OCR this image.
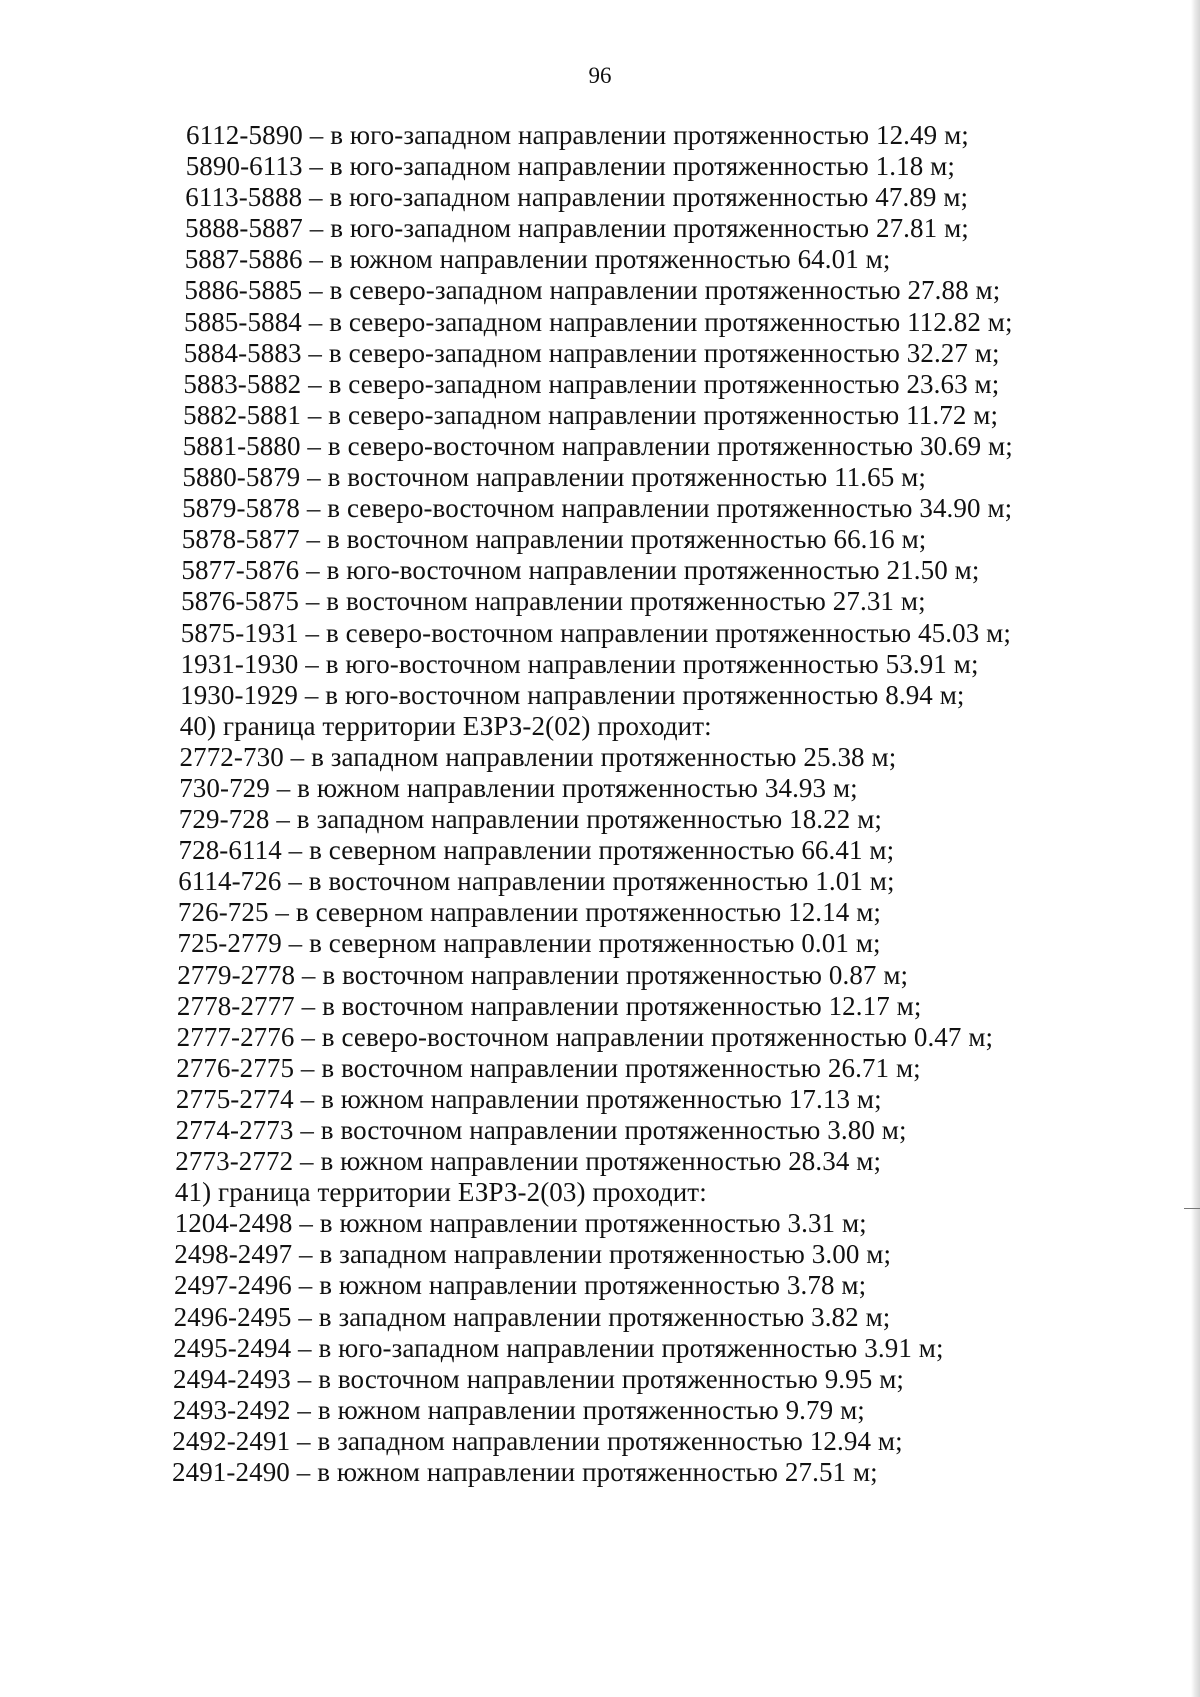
96
6112-5890 – в юго-западном направлении протяженностью 12.49 м;
5890-6113 – в юго-западном направлении протяженностью 1.18 м;
6113-5888 – в юго-западном направлении протяженностью 47.89 м;
5888-5887 – в юго-западном направлении протяженностью 27.81 м;
5887-5886 – в южном направлении протяженностью 64.01 м;
5886-5885 – в северо-западном направлении протяженностью 27.88 м;
5885-5884 – в северо-западном направлении протяженностью 112.82 м;
5884-5883 – в северо-западном направлении протяженностью 32.27 м;
5883-5882 – в северо-западном направлении протяженностью 23.63 м;
5882-5881 – в северо-западном направлении протяженностью 11.72 м;
5881-5880 – в северо-восточном направлении протяженностью 30.69 м;
5880-5879 – в восточном направлении протяженностью 11.65 м;
5879-5878 – в северо-восточном направлении протяженностью 34.90 м;
5878-5877 – в восточном направлении протяженностью 66.16 м;
5877-5876 – в юго-восточном направлении протяженностью 21.50 м;
5876-5875 – в восточном направлении протяженностью 27.31 м;
5875-1931 – в северо-восточном направлении протяженностью 45.03 м;
1931-1930 – в юго-восточном направлении протяженностью 53.91 м;
1930-1929 – в юго-восточном направлении протяженностью 8.94 м;
40) граница территории ЕЗРЗ-2(02) проходит:
2772-730 – в западном направлении протяженностью 25.38 м;
730-729 – в южном направлении протяженностью 34.93 м;
729-728 – в западном направлении протяженностью 18.22 м;
728-6114 – в северном направлении протяженностью 66.41 м;
6114-726 – в восточном направлении протяженностью 1.01 м;
726-725 – в северном направлении протяженностью 12.14 м;
725-2779 – в северном направлении протяженностью 0.01 м;
2779-2778 – в восточном направлении протяженностью 0.87 м;
2778-2777 – в восточном направлении протяженностью 12.17 м;
2777-2776 – в северо-восточном направлении протяженностью 0.47 м;
2776-2775 – в восточном направлении протяженностью 26.71 м;
2775-2774 – в южном направлении протяженностью 17.13 м;
2774-2773 – в восточном направлении протяженностью 3.80 м;
2773-2772 – в южном направлении протяженностью 28.34 м;
41) граница территории ЕЗРЗ-2(03) проходит:
1204-2498 – в южном направлении протяженностью 3.31 м;
2498-2497 – в западном направлении протяженностью 3.00 м;
2497-2496 – в южном направлении протяженностью 3.78 м;
2496-2495 – в западном направлении протяженностью 3.82 м;
2495-2494 – в юго-западном направлении протяженностью 3.91 м;
2494-2493 – в восточном направлении протяженностью 9.95 м;
2493-2492 – в южном направлении протяженностью 9.79 м;
2492-2491 – в западном направлении протяженностью 12.94 м;
2491-2490 – в южном направлении протяженностью 27.51 м;
